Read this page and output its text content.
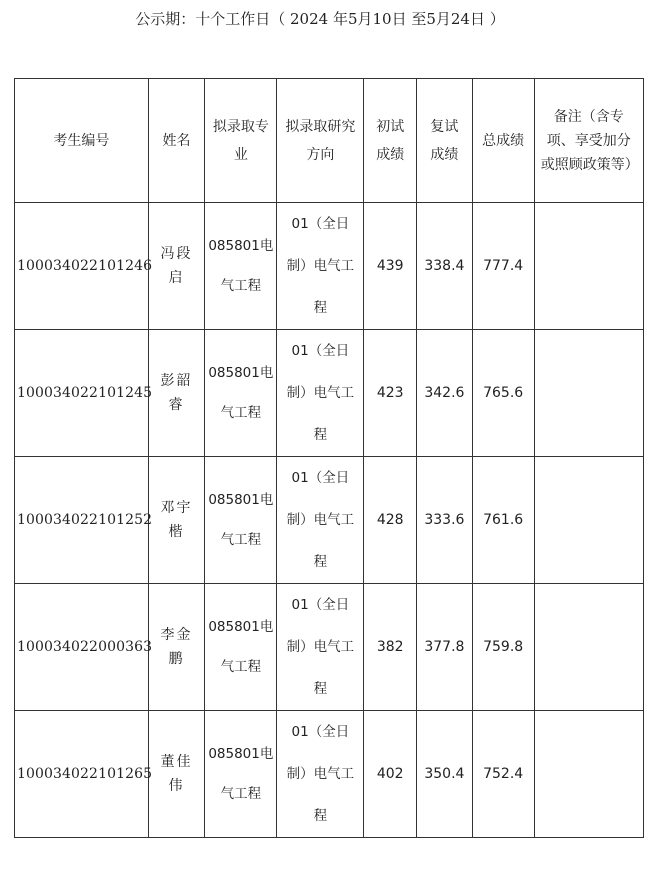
公示期：十个工作日（ 2024 年5月10日 至5月24日 ）
考生编号	姓名	拟录取专业	拟录取研究方向	初试成绩	复试成绩	总成绩	备注（含专项、享受加分或照顾政策等）
100034022101246	冯段启	085801电气工程	01（全日制）电气工程	439	338.4	777.4	
100034022101245	彭韶睿	085801电气工程	01（全日制）电气工程	423	342.6	765.6	
100034022101252	邓宇楷	085801电气工程	01（全日制）电气工程	428	333.6	761.6	
100034022000363	李金鹏	085801电气工程	01（全日制）电气工程	382	377.8	759.8	
100034022101265	董佳伟	085801电气工程	01（全日制）电气工程	402	350.4	752.4	
